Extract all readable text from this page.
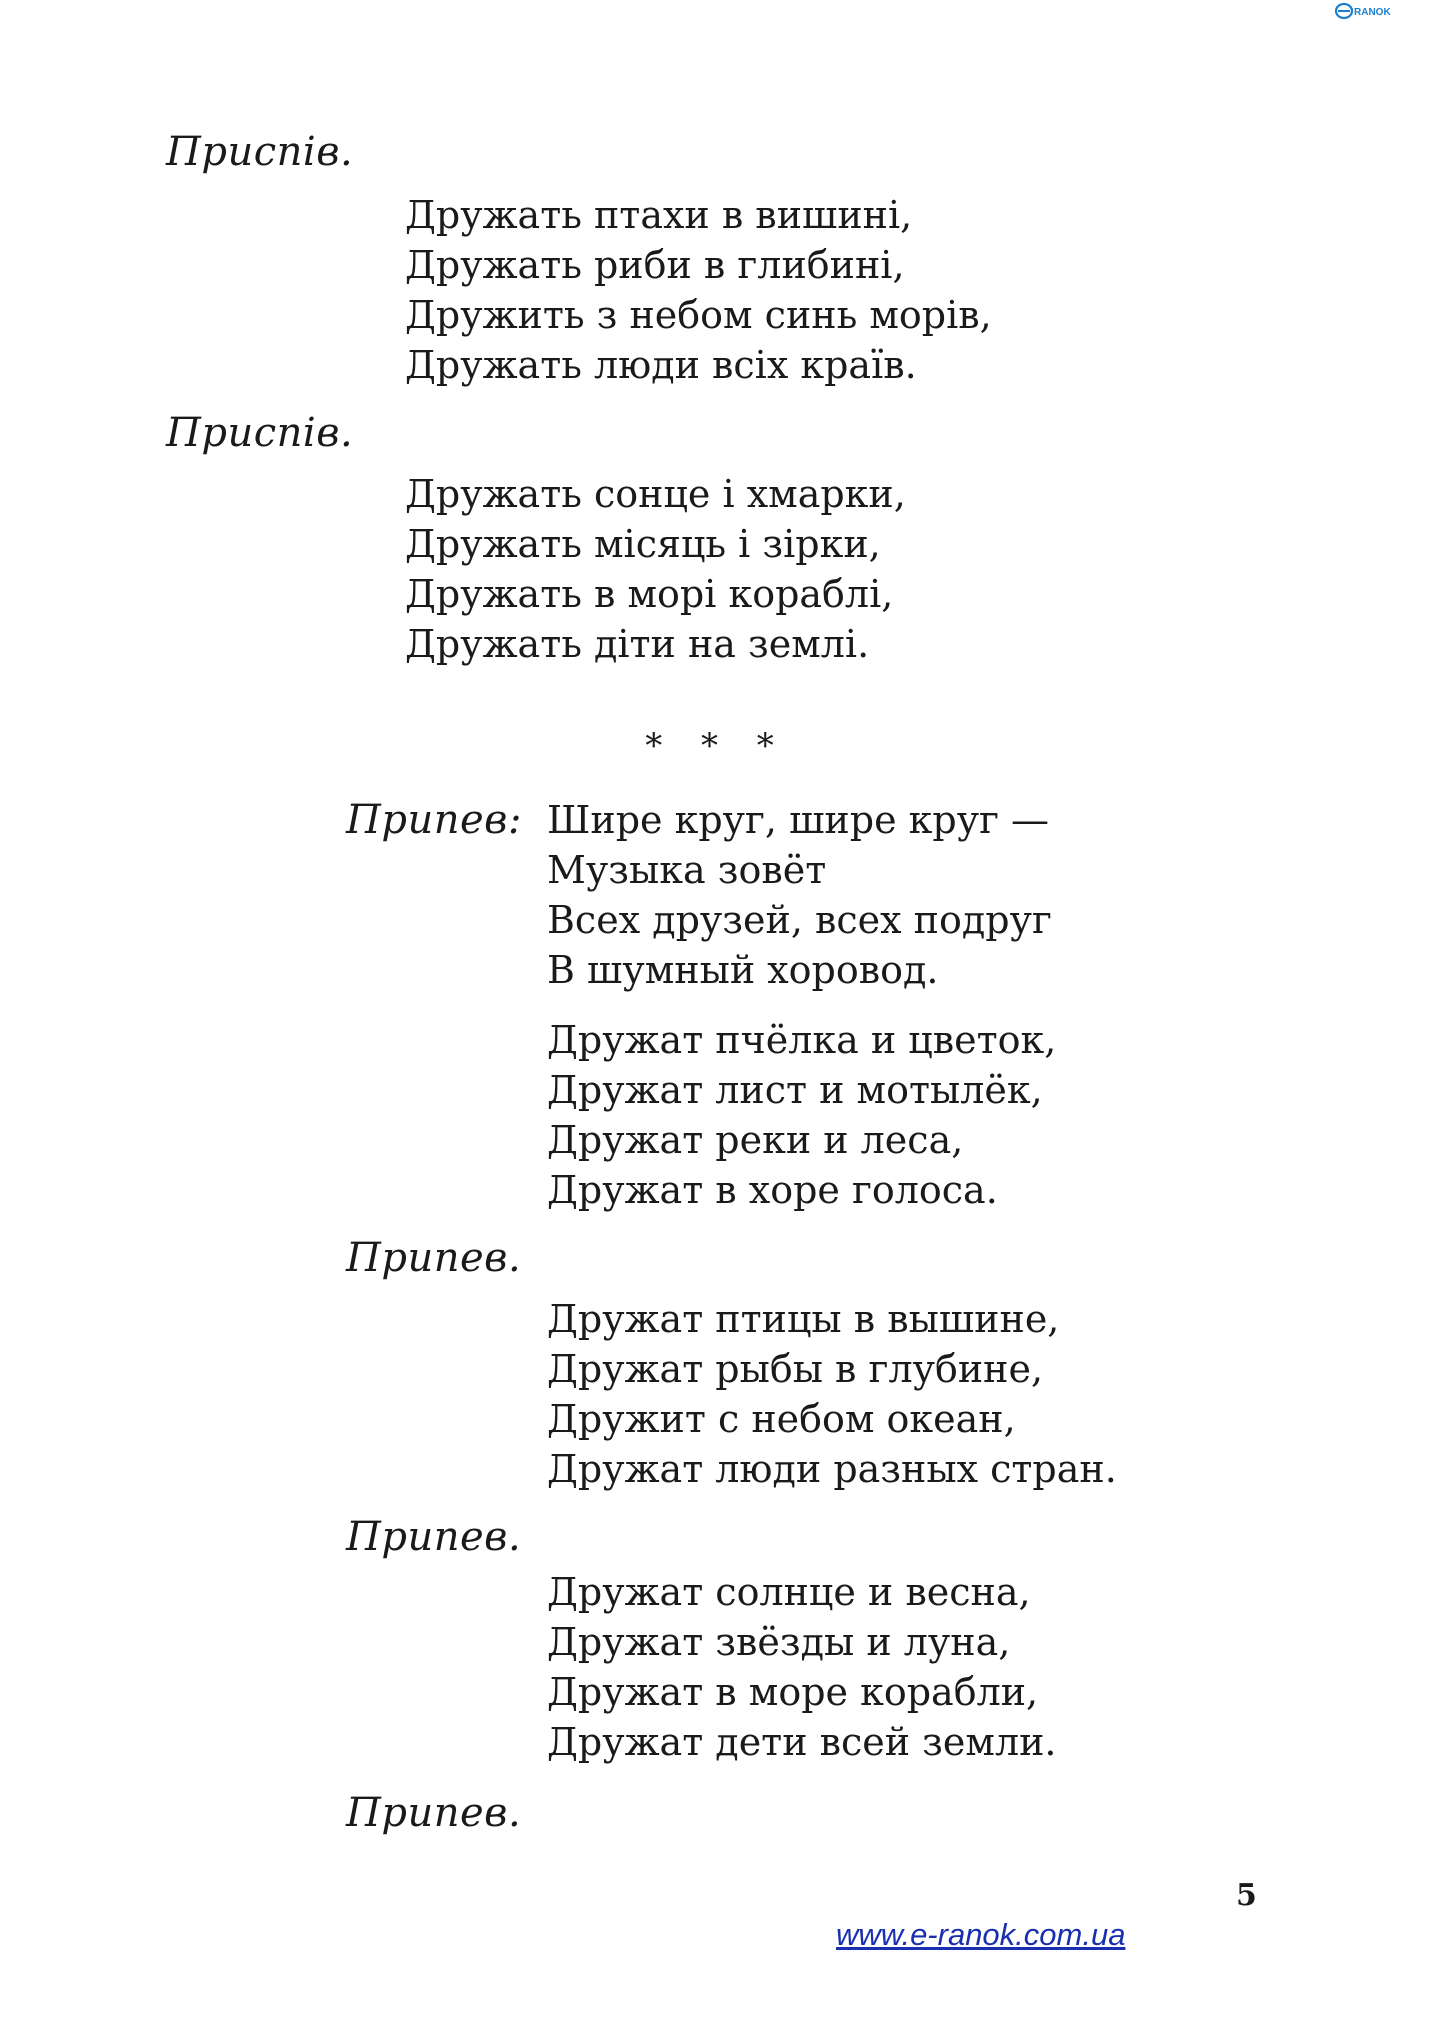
RANOK
Приспів.
Дружать птахи в вишині,
Дружать риби в глибині,
Дружить з небом синь морів,
Дружать люди всіх країв.
Приспів.
Дружать сонце і хмарки,
Дружать місяць і зірки,
Дружать в морі кораблі,
Дружать діти на землі.
* * *
Припев: Шире круг, шире круг —
Музыка зовёт
Всех друзей, всех подруг
В шумный хоровод.
Дружат пчёлка и цветок,
Дружат лист и мотылёк,
Дружат реки и леса,
Дружат в хоре голоса.
Припев.
Дружат птицы в вышине,
Дружат рыбы в глубине,
Дружит с небом океан,
Дружат люди разных стран.
Припев.
Дружат солнце и весна,
Дружат звёзды и луна,
Дружат в море корабли,
Дружат дети всей земли.
Припев.
5
www.e-ranok.com.ua
